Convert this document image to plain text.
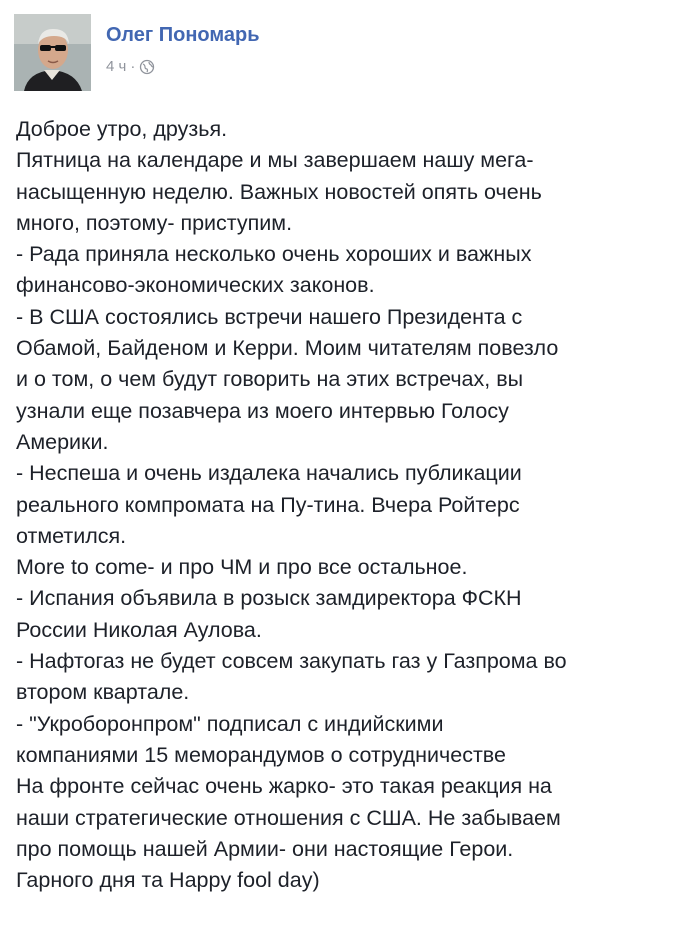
Олег Пономарь
4 ч ·
Доброе утро, друзья.
Пятница на календаре и мы завершаем нашу мега-
насыщенную неделю. Важных новостей опять очень
много, поэтому- приступим.
- Рада приняла несколько очень хороших и важных
финансово-экономических законов.
- В США состоялись встречи нашего Президента с
Обамой, Байденом и Керри. Моим читателям повезло
и о том, о чем будут говорить на этих встречах, вы
узнали еще позавчера из моего интервью Голосу
Америки.
- Неспеша и очень издалека начались публикации
реального компромата на Пу-тина. Вчера Ройтерс
отметился.
More to come- и про ЧМ и про все остальное.
- Испания объявила в розыск замдиректора ФСКН
России Николая Аулова.
- Нафтогаз не будет совсем закупать газ у Газпрома во
втором квартале.
- "Укроборонпром" подписал с индийскими
компаниями 15 меморандумов о сотрудничестве
На фронте сейчас очень жарко- это такая реакция на
наши стратегические отношения с США. Не забываем
про помощь нашей Армии- они настоящие Герои.
Гарного дня та Happy fool day)
